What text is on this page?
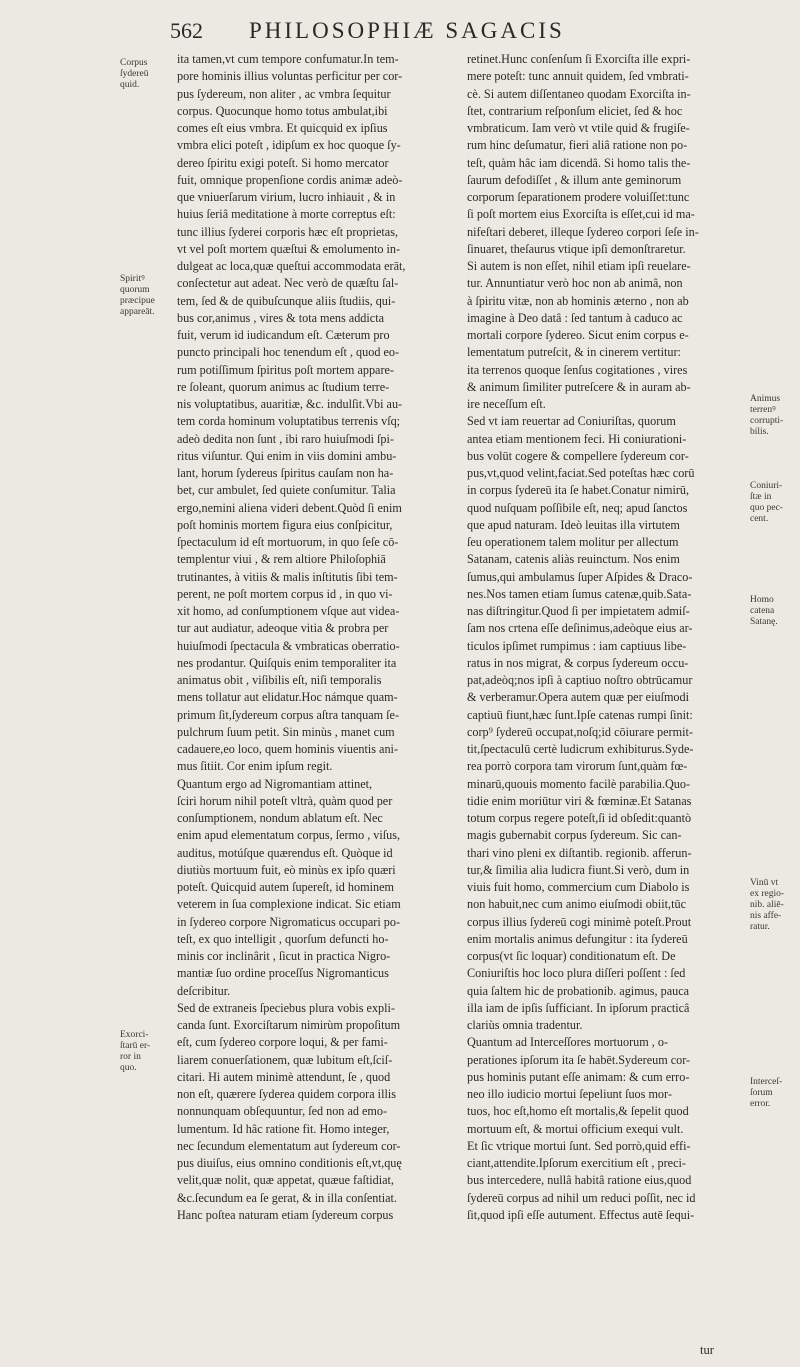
562 PHILOSOPHIÆ SAGACIS
ita tamen,vt cum tempore confumatur.In tem-
pore hominis illius voluntas perficitur per cor-
pus ſydereum, non aliter , ac vmbra ſequitur
corpus. Quocunque homo totus ambulat,ibi
comes eſt eius vmbra. Et quicquid ex ipſius
vmbra elici poteſt , idipſum ex hoc quoque ſy-
dereo ſpiritu exigi poteſt. Si homo mercator
fuit, omnique propenſione cordis animæ adeò-
que vniuerſarum virium, lucro inhiauit , & in
huius ſeriâ meditatione à morte correptus eſt:
tunc illius ſyderei corporis hæc eſt proprietas,
vt vel poſt mortem quæſtui & emolumento in-
dulgeat ac loca,quæ queſtui accommodata erāt,
conſectetur aut adeat. Nec verò de quæſtu ſal-
tem, ſed & de quibuſcunque aliis ſtudiis, qui-
bus cor,animus , vires & tota mens addicta
fuit, verum id iudicandum eſt. Cæterum pro
puncto principali hoc tenendum eſt , quod eo-
rum potiſſimum ſpiritus poſt mortem appare-
re ſoleant, quorum animus ac ſtudium terre-
nis voluptatibus, auaritiæ, &c. indulſit.Vbi au-
tem corda hominum voluptatibus terrenis vſq;
adeò dedita non ſunt , ibi raro huiuſmodi ſpi-
ritus viſuntur. Qui enim in viis domini ambu-
lant, horum ſydereus ſpiritus cauſam non ha-
bet, cur ambulet, ſed quiete conſumitur. Talia
ergo,nemini aliena videri debent.Quòd ſi enim
poſt hominis mortem figura eius conſpicitur,
ſpectaculum id eſt mortuorum, in quo ſeſe cō-
templentur viui , & rem altiore Philoſophiā
trutinantes, à vitiis & malis inſtitutis ſibi tem-
perent, ne poſt mortem corpus id , in quo vi-
xit homo, ad conſumptionem vſque aut videa-
tur aut audiatur, adeoque vitia & probra per
huiuſmodi ſpectacula & vmbraticas oberratio-
nes prodantur. Quiſquis enim temporaliter ita
animatus obit , viſibilis eſt, niſi temporalis
mens tollatur aut elidatur.Hoc námque quam-
primum ſit,ſydereum corpus aſtra tanquam ſe-
pulchrum ſuum petit. Sin minùs , manet cum
cadauere,eo loco, quem hominis viuentis ani-
mus ſitiit. Cor enim ipſum regit.
Quantum ergo ad Nigromantiam attinet,
ſciri horum nihil poteſt vltrà, quàm quod per
conſumptionem, nondum ablatum eſt. Nec
enim apud elementatum corpus, ſermo , viſus,
auditus, motúſque quærendus eſt. Quòque id
diutiùs mortuum fuit, eò minùs ex ipſo quæri
poteſt. Quicquid autem ſupereſt, id hominem
veterem in ſua complexione indicat. Sic etiam
in ſydereo corpore Nigromaticus occupari po-
teſt, ex quo intelligit , quorſum defuncti ho-
minis cor inclinârit , ſicut in practica Nigro-
mantiæ ſuo ordine proceſſus Nigromanticus
deſcribitur.
Sed de extraneis ſpeciebus plura vobis expli-
canda ſunt. Exorciſtarum nimirùm propoſitum
eſt, cum ſydereo corpore loqui, & per fami-
liarem conuerſationem, quæ lubitum eſt,ſciſ-
citari. Hi autem minimè attendunt, ſe , quod
non eſt, quærere ſyderea quidem corpora illis
nonnunquam obſequuntur, ſed non ad emo-
lumentum. Id hâc ratione fit. Homo integer,
nec ſecundum elementatum aut ſydereum cor-
pus diuiſus, eius omnino conditionis eſt,vt,quę
velit,quæ nolit, quæ appetat, quæue faſtidiat,
&c.ſecundum ea ſe gerat, & in illa conſentiat.
Hanc poſtea naturam etiam ſydereum corpus
retinet.Hunc conſenſum ſi Exorciſta ille expri-
mere poteſt: tunc annuit quidem, ſed vmbrati-
cè. Si autem diſſentaneo quodam Exorciſta in-
ſtet, contrarium reſponſum eliciet, ſed & hoc
vmbraticum. Iam verò vt vtile quid & frugiſe-
rum hinc deſumatur, fieri aliâ ratione non po-
teſt, quàm hâc iam dicendâ. Si homo talis the-
ſaurum defodiſſet , & illum ante geminorum
corporum ſeparationem prodere voluiſſet:tunc
ſi poſt mortem eius Exorciſta is eſſet,cui id ma-
nifeſtari deberet, illeque ſydereo corpori ſeſe in-
ſinuaret, theſaurus vtique ipſi demonſtraretur.
Si autem is non eſſet, nihil etiam ipſi reuelare-
tur. Annuntiatur verò hoc non ab animâ, non
à ſpiritu vitæ, non ab hominis æterno , non ab
imagine à Deo datâ : ſed tantum à caduco ac
mortali corpore ſydereo. Sicut enim corpus e-
lementatum putreſcit, & in cinerem vertitur:
ita terrenos quoque ſenſus cogitationes , vires
& animum ſimiliter putreſcere & in auram ab-
ire neceſſum eſt.
Sed vt iam reuertar ad Coniuriſtas, quorum
antea etiam mentionem feci. Hi coniurationi-
bus volūt cogere & compellere ſydereum cor-
pus,vt,quod velint,faciat.Sed poteſtas hæc corū
in corpus ſydereū ita ſe habet.Conatur nimirū,
quod nuſquam poſſibile eſt, neq; apud ſanctos
que apud naturam. Ideò leuitas illa virtutem
ſeu operationem talem molitur per allectum
Satanam, catenis aliàs reuinctum. Nos enim
ſumus,qui ambulamus ſuper Aſpides & Draco-
nes.Nos tamen etiam ſumus catenæ,quib.Sata-
nas diſtringitur.Quod ſi per impietatem admiſ-
ſam nos crtena eſſe deſinimus,adeòque eius ar-
ticulos ipſimet rumpimus : iam captiuus libe-
ratus in nos migrat, & corpus ſydereum occu-
pat,adeòq;nos ipſi à captiuo noſtro obtrūcamur
& verberamur.Opera autem quæ per eiuſmodi
captiuū fiunt,hæc ſunt.Ipſe catenas rumpi ſinit:
corp⁹ ſydereū occupat,noſq;id cōiurare permit-
tit,ſpectaculū certè ludicrum exhibiturus.Syde-
rea porrò corpora tam virorum ſunt,quàm fœ-
minarū,quouis momento facilè parabilia.Quo-
tidie enim moriūtur viri & fœminæ.Et Satanas
totum corpus regere poteſt,ſi id obſedit:quantò
magis gubernabit corpus ſydereum. Sic can-
thari vino pleni ex diſtantib. regionib. afferun-
tur,& ſimilia alia ludicra fiunt.Si verò, dum in
viuis fuit homo, commercium cum Diabolo is
non habuit,nec cum animo eiuſmodi obiit,tūc
corpus illius ſydereū cogi minimè poteſt.Prout
enim mortalis animus defungitur : ita ſydereū
corpus(vt ſic loquar) conditionatum eſt. De
Coniuriſtis hoc loco plura diſſeri poſſent : ſed
quia ſaltem hic de probationib. agimus, pauca
illa iam de ipſis ſufficiant. In ipſorum practicâ
clariùs omnia tradentur.
Quantum ad Interceſſores mortuorum , o-
perationes ipſorum ita ſe habēt.Sydereum cor-
pus hominis putant eſſe animam: & cum erro-
neo illo iudicio mortui ſepeliunt ſuos mor-
tuos, hoc eſt,homo eſt mortalis,& ſepelit quod
mortuum eſt, & mortui officium exequi vult.
Et ſic vtrique mortui ſunt. Sed porrò,quid effi-
ciant,attendite.Ipſorum exercitium eſt , preci-
bus intercedere, nullâ habitâ ratione eius,quod
ſydereū corpus ad nihil um reduci poſſit, nec id
ſit,quod ipſi eſſe autument. Effectus autē ſequi-
Corpus
ſydereū
quid.
Spiritꝰ
quorum
præcipue
appareāt.
Exorci-
ſtarū er-
ror in
quo.
Animus
terrenꝰ
corrupti-
bilis.
Coniuri-
ſtæ in
quo pec-
cent.
Homo
catena
Satanę.
Vinū vt
ex regio-
nib. aliē-
nis affe-
ratur.
Interceſ-
ſorum
error.
tur
